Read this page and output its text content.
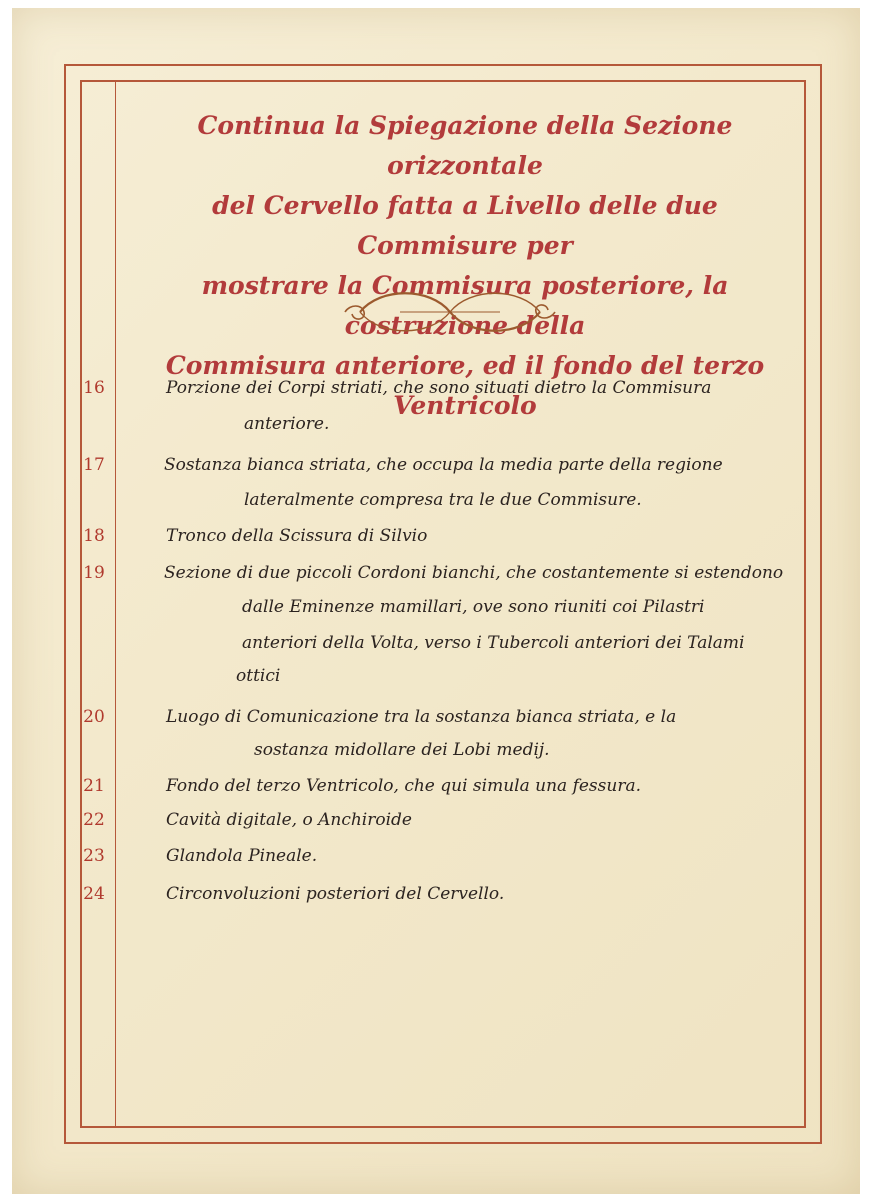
Continua la Spiegazione della Sezione orizzontale
del Cervello fatta a Livello delle due Commisure per
mostrare la Commisura posteriore, la costruzione della
Commisura anteriore, ed il fondo del terzo Ventricolo
16	Porzione dei Corpi striati, che sono situati dietro la Commisura
anteriore.
17	Sostanza bianca striata, che occupa la media parte della regione
lateralmente compresa tra le due Commisure.
18	Tronco della Scissura di Silvio
19	Sezione di due piccoli Cordoni bianchi, che costantemente si estendono
dalle Eminenze mamillari, ove sono riuniti coi Pilastri
anteriori della Volta, verso i Tubercoli anteriori dei Talami
ottici
20	Luogo di Comunicazione tra la sostanza bianca striata, e la
sostanza midollare dei Lobi medij.
21	Fondo del terzo Ventricolo, che qui simula una fessura.
22	Cavità digitale, o Anchiroide
23	Glandola Pineale.
24	Circonvoluzioni posteriori del Cervello.
